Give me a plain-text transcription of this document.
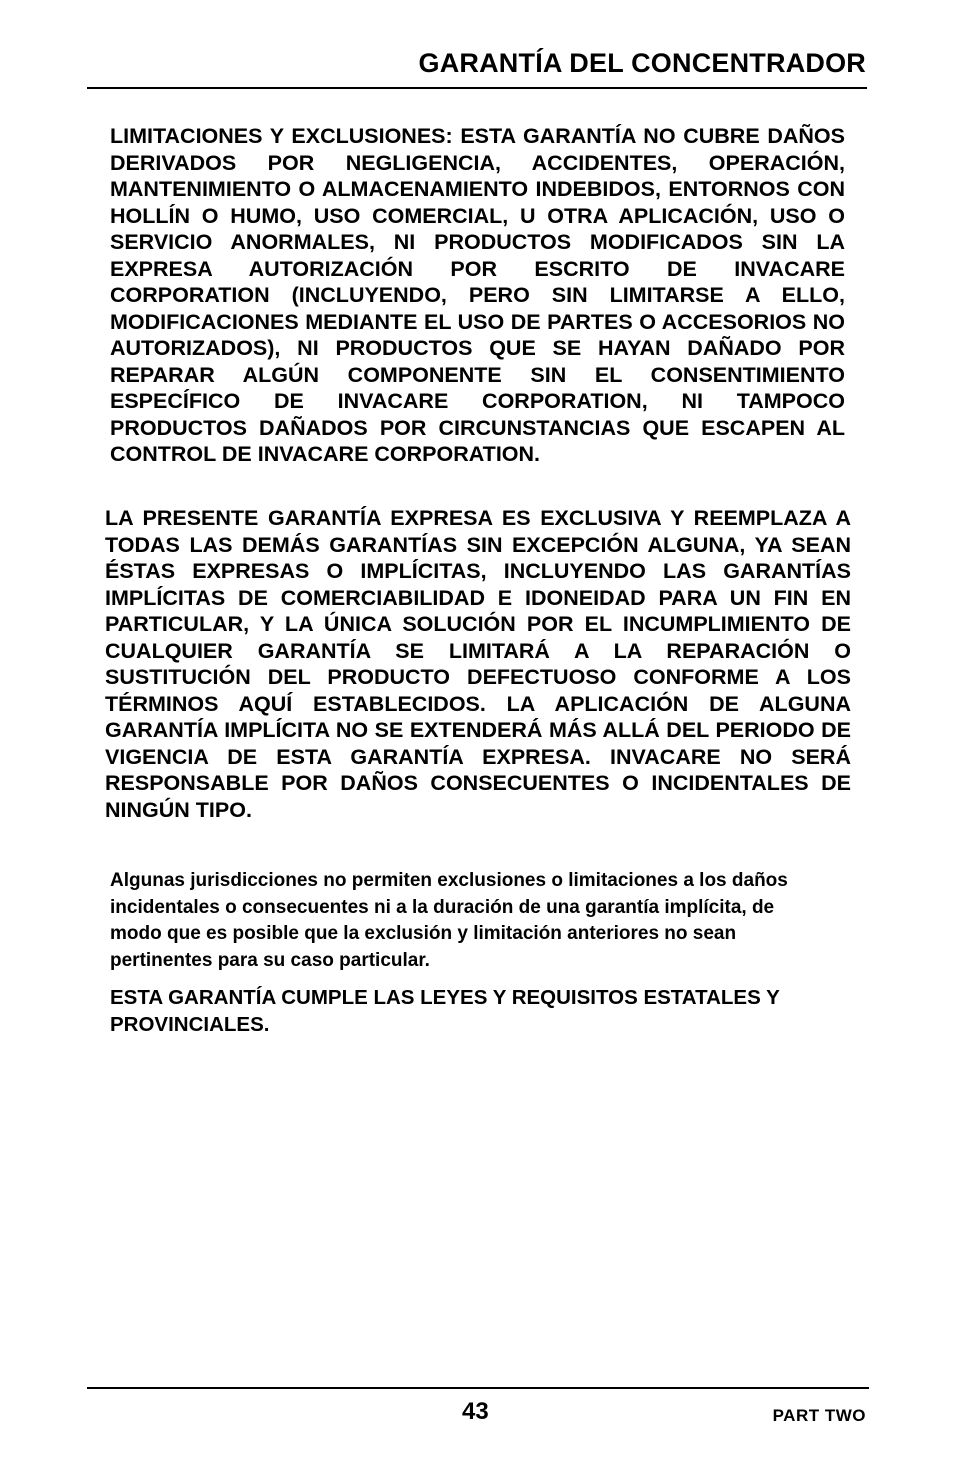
GARANTÍA DEL CONCENTRADOR

LIMITACIONES Y EXCLUSIONES: ESTA GARANTÍA NO CUBRE DAÑOS DERIVADOS POR NEGLIGENCIA, ACCIDENTES, OPERACIÓN, MANTENIMIENTO O ALMACENAMIENTO INDEBIDOS, ENTORNOS CON HOLLÍN O HUMO, USO COMERCIAL, U OTRA APLICACIÓN, USO O SERVICIO ANORMALES, NI PRODUCTOS MODIFICADOS SIN LA EXPRESA AUTORIZACIÓN POR ESCRITO DE INVACARE CORPORATION (INCLUYENDO, PERO SIN LIMITARSE A ELLO, MODIFICACIONES MEDIANTE EL USO DE PARTES O ACCESORIOS NO AUTORIZADOS), NI PRODUCTOS QUE SE HAYAN DAÑADO POR REPARAR ALGÚN COMPONENTE SIN EL CONSENTIMIENTO ESPECÍFICO DE INVACARE CORPORATION, NI TAMPOCO PRODUCTOS DAÑADOS POR CIRCUNSTANCIAS QUE ESCAPEN AL CONTROL DE INVACARE CORPORATION.

LA PRESENTE GARANTÍA EXPRESA ES EXCLUSIVA Y REEMPLAZA A TODAS LAS DEMÁS GARANTÍAS SIN EXCEPCIÓN ALGUNA, YA SEAN ÉSTAS EXPRESAS O IMPLÍCITAS, INCLUYENDO LAS GARANTÍAS IMPLÍCITAS DE COMERCIABILIDAD E IDONEIDAD PARA UN FIN EN PARTICULAR, Y LA ÚNICA SOLUCIÓN POR EL INCUMPLIMIENTO DE CUALQUIER GARANTÍA SE LIMITARÁ A LA REPARACIÓN O SUSTITUCIÓN DEL PRODUCTO DEFECTUOSO CONFORME A LOS TÉRMINOS AQUÍ ESTABLECIDOS. LA APLICACIÓN DE ALGUNA GARANTÍA IMPLÍCITA NO SE EXTENDERÁ MÁS ALLÁ DEL PERIODO DE VIGENCIA DE ESTA GARANTÍA EXPRESA. INVACARE NO SERÁ RESPONSABLE POR DAÑOS CONSECUENTES O INCIDENTALES DE NINGÚN TIPO.

Algunas jurisdicciones no permiten exclusiones o limitaciones a los daños incidentales o consecuentes ni a la duración de una garantía implícita, de modo que es posible que la exclusión y limitación anteriores no sean pertinentes para su caso particular.

ESTA GARANTÍA CUMPLE LAS LEYES Y REQUISITOS ESTATALES Y PROVINCIALES.

43	PART TWO
